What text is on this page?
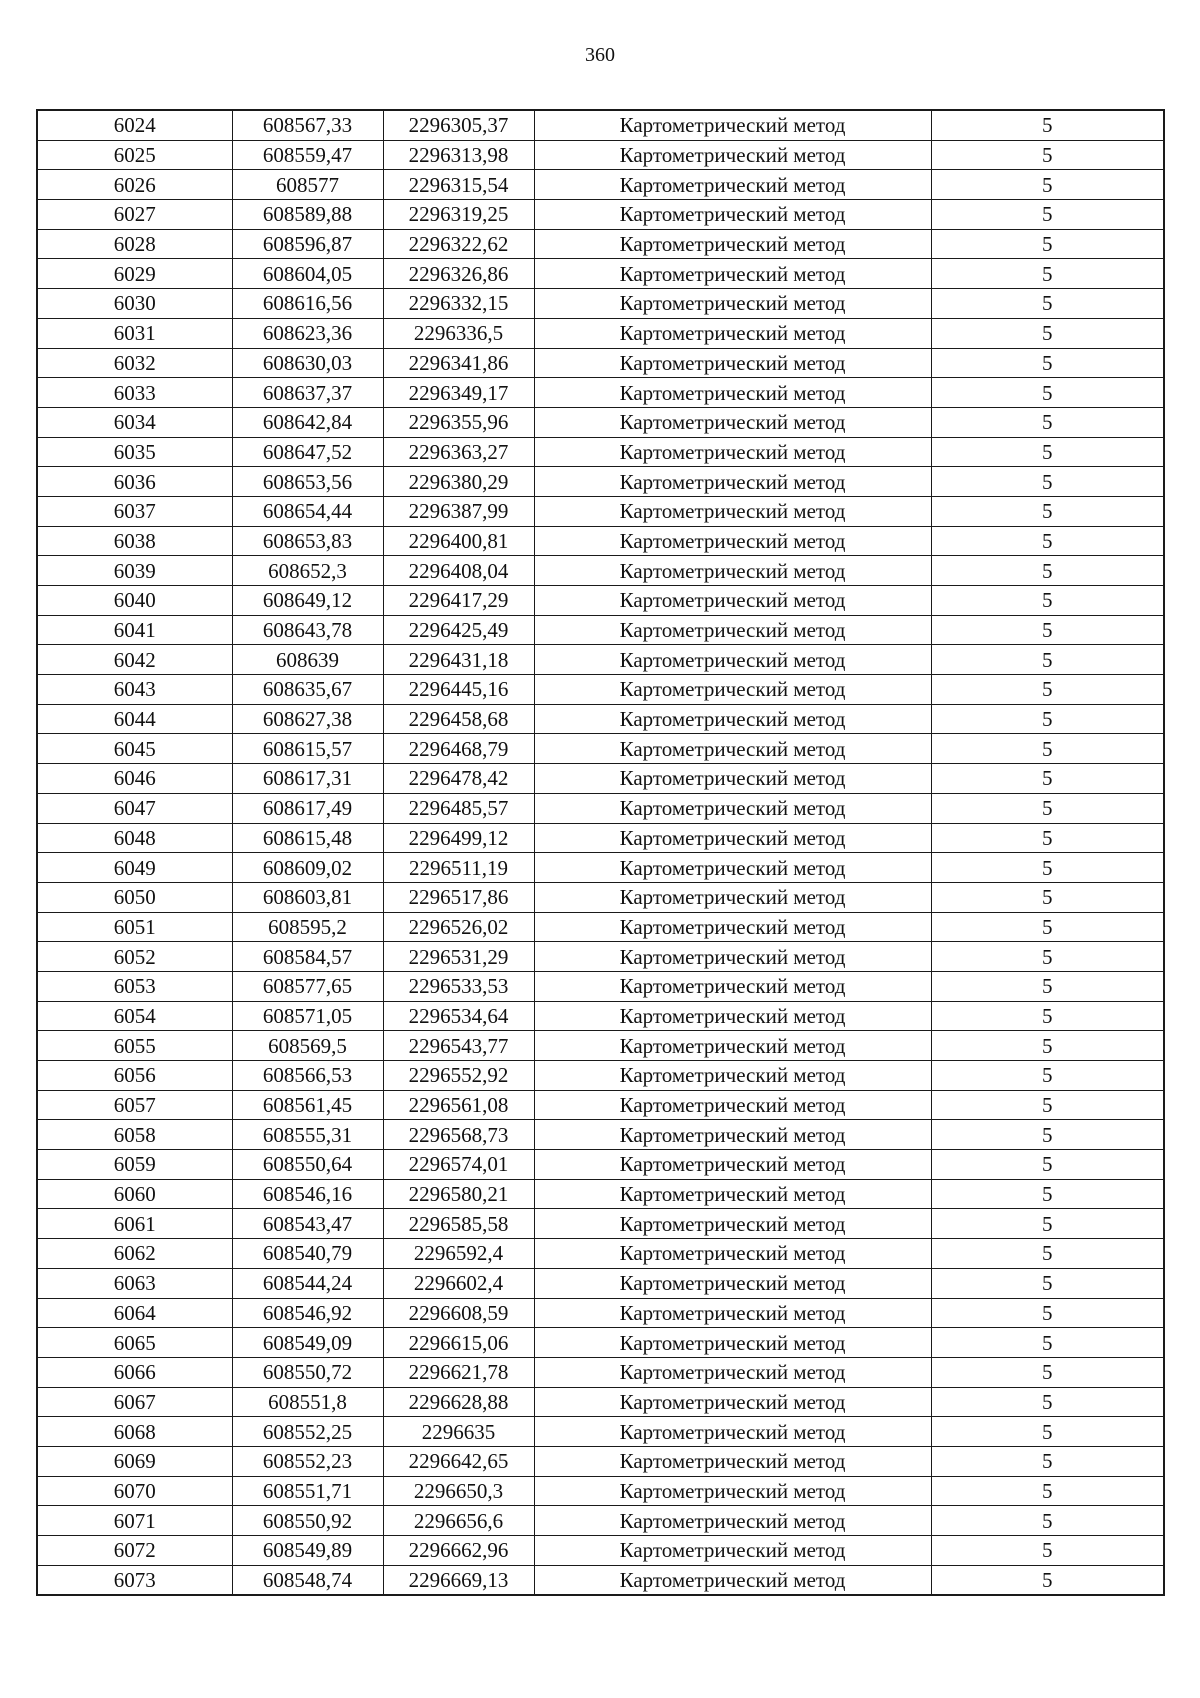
360
6024	608567,33	2296305,37	Картометрический метод	5
6025	608559,47	2296313,98	Картометрический метод	5
6026	608577	2296315,54	Картометрический метод	5
6027	608589,88	2296319,25	Картометрический метод	5
6028	608596,87	2296322,62	Картометрический метод	5
6029	608604,05	2296326,86	Картометрический метод	5
6030	608616,56	2296332,15	Картометрический метод	5
6031	608623,36	2296336,5	Картометрический метод	5
6032	608630,03	2296341,86	Картометрический метод	5
6033	608637,37	2296349,17	Картометрический метод	5
6034	608642,84	2296355,96	Картометрический метод	5
6035	608647,52	2296363,27	Картометрический метод	5
6036	608653,56	2296380,29	Картометрический метод	5
6037	608654,44	2296387,99	Картометрический метод	5
6038	608653,83	2296400,81	Картометрический метод	5
6039	608652,3	2296408,04	Картометрический метод	5
6040	608649,12	2296417,29	Картометрический метод	5
6041	608643,78	2296425,49	Картометрический метод	5
6042	608639	2296431,18	Картометрический метод	5
6043	608635,67	2296445,16	Картометрический метод	5
6044	608627,38	2296458,68	Картометрический метод	5
6045	608615,57	2296468,79	Картометрический метод	5
6046	608617,31	2296478,42	Картометрический метод	5
6047	608617,49	2296485,57	Картометрический метод	5
6048	608615,48	2296499,12	Картометрический метод	5
6049	608609,02	2296511,19	Картометрический метод	5
6050	608603,81	2296517,86	Картометрический метод	5
6051	608595,2	2296526,02	Картометрический метод	5
6052	608584,57	2296531,29	Картометрический метод	5
6053	608577,65	2296533,53	Картометрический метод	5
6054	608571,05	2296534,64	Картометрический метод	5
6055	608569,5	2296543,77	Картометрический метод	5
6056	608566,53	2296552,92	Картометрический метод	5
6057	608561,45	2296561,08	Картометрический метод	5
6058	608555,31	2296568,73	Картометрический метод	5
6059	608550,64	2296574,01	Картометрический метод	5
6060	608546,16	2296580,21	Картометрический метод	5
6061	608543,47	2296585,58	Картометрический метод	5
6062	608540,79	2296592,4	Картометрический метод	5
6063	608544,24	2296602,4	Картометрический метод	5
6064	608546,92	2296608,59	Картометрический метод	5
6065	608549,09	2296615,06	Картометрический метод	5
6066	608550,72	2296621,78	Картометрический метод	5
6067	608551,8	2296628,88	Картометрический метод	5
6068	608552,25	2296635	Картометрический метод	5
6069	608552,23	2296642,65	Картометрический метод	5
6070	608551,71	2296650,3	Картометрический метод	5
6071	608550,92	2296656,6	Картометрический метод	5
6072	608549,89	2296662,96	Картометрический метод	5
6073	608548,74	2296669,13	Картометрический метод	5
